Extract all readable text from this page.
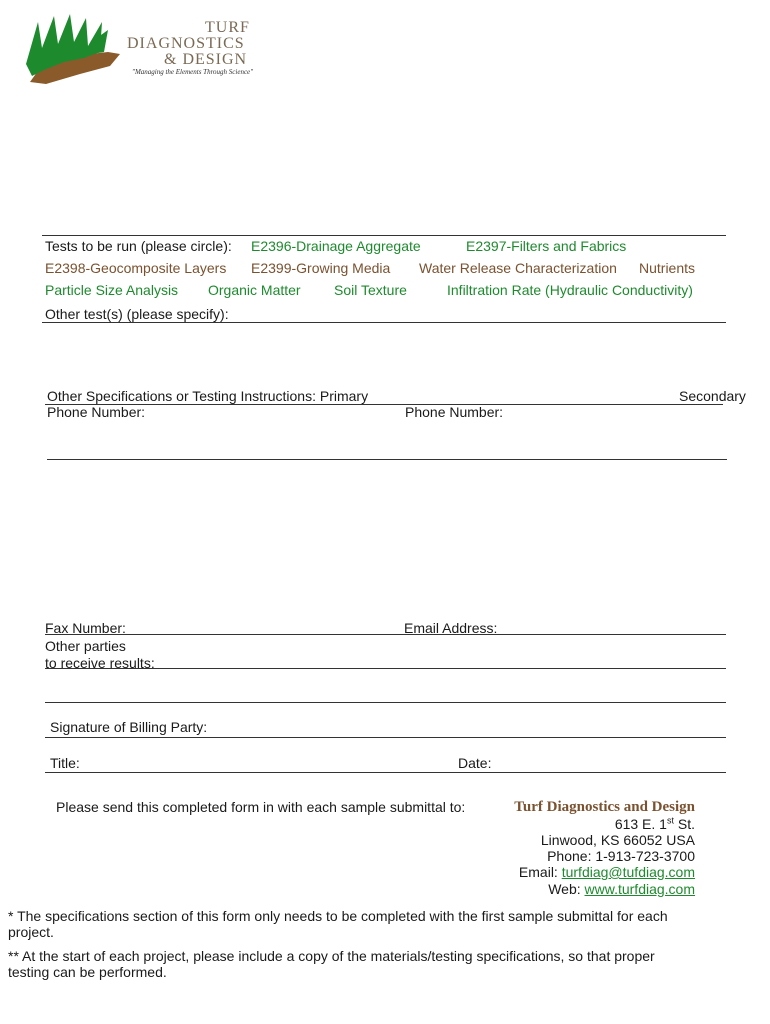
TURF
DIAGNOSTICS
& DESIGN
"Managing the Elements Through Science"
Tests to be run (please circle): E2396-Drainage Aggregate	E2397-Filters and Fabrics
E2398-Geocomposite Layers E2399-Growing Media Water Release Characterization Nutrients
Particle Size Analysis Organic Matter Soil Texture	Infiltration Rate (Hydraulic Conductivity)
Other test(s) (please specify):
Other Specifications or Testing Instructions: Primary	Secondary
Phone Number:	Phone Number:
Fax Number:	Email Address:
Other parties
to receive results:
Signature of Billing Party:
Title:	Date:
Please send this completed form in with each sample submittal to:	Turf Diagnostics and Design
613 E. 1st St.
Linwood, KS 66052 USA
Phone: 1-913-723-3700
Email: turfdiag@tufdiag.com
Web: www.turfdiag.com
* The specifications section of this form only needs to be completed with the first sample submittal for each project.
** At the start of each project, please include a copy of the materials/testing specifications, so that proper testing can be performed.
